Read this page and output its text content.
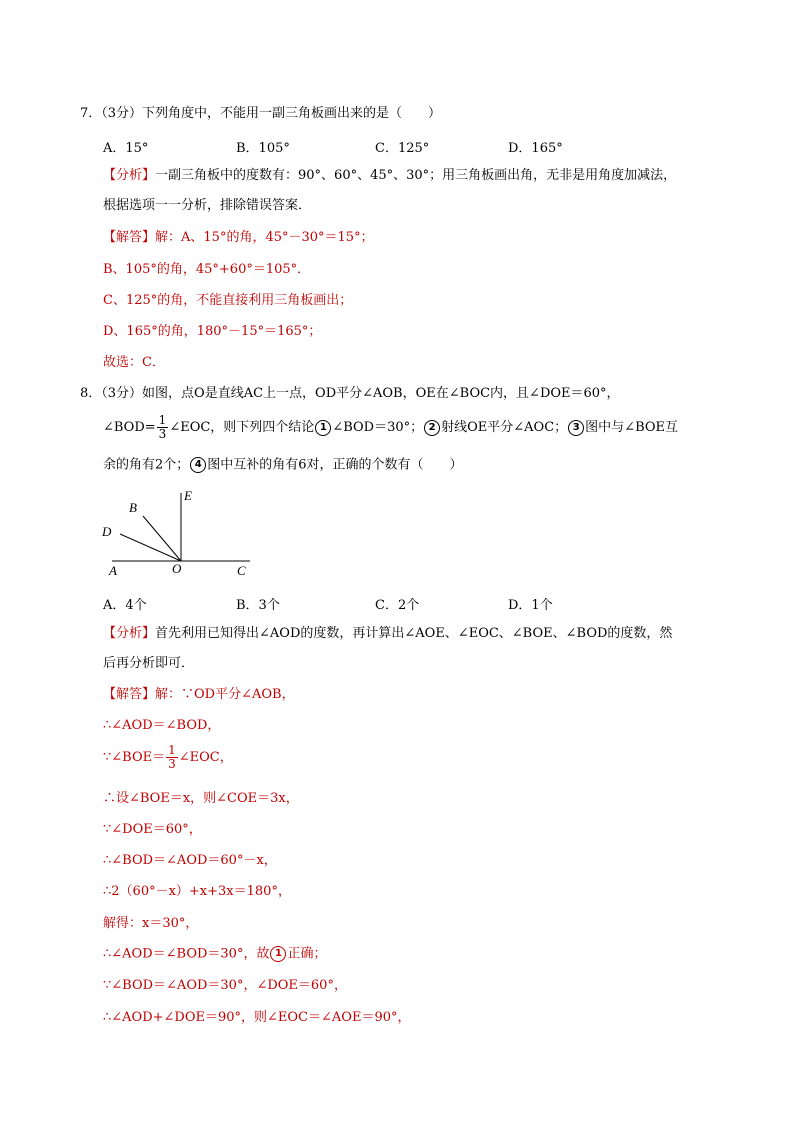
7．（3分）下列角度中，不能用一副三角板画出来的是（　　）
A．15°	B．105°	C．125°	D．165°
【分析】一副三角板中的度数有：90°、60°、45°、30°；用三角板画出角，无非是用角度加减法，
根据选项一一分析，排除错误答案．
【解答】解：A、15°的角，45°－30°＝15°；
B、105°的角，45°+60°＝105°．
C、125°的角，不能直接利用三角板画出；
D、165°的角，180°－15°＝165°；
故选：C．
8．（3分）如图，点O是直线AC上一点，OD平分∠AOB，OE在∠BOC内，且∠DOE＝60°，
∠BOD= $\frac{1}{3}$ ∠EOC，则下列四个结论 1 ∠BOD＝30°； 2 射线OE平分∠AOC； 3 图中与∠BOE互
余的角有2个； 4 图中互补的角有6对，正确的个数有（　　）
B
E
D
A	O	C
A．4个	B．3个	C．2个	D．1个
【分析】首先利用已知得出∠AOD的度数，再计算出∠AOE、∠EOC、∠BOE、∠BOD的度数，然
后再分析即可．
【解答】解：∵OD平分∠AOB，
∴∠AOD＝∠BOD，
∵∠BOE＝ $\frac{1}{3}$ ∠EOC，
∴设∠BOE＝x，则∠COE＝3x，
∵∠DOE＝60°，
∴∠BOD＝∠AOD＝60°－x，
∴2（60°－x）+x+3x＝180°，
解得：x＝30°，
∴∠AOD＝∠BOD＝30°，故 1 正确；
∵∠BOD＝∠AOD＝30°，∠DOE＝60°，
∴∠AOD+∠DOE＝90°，则∠EOC＝∠AOE＝90°，
